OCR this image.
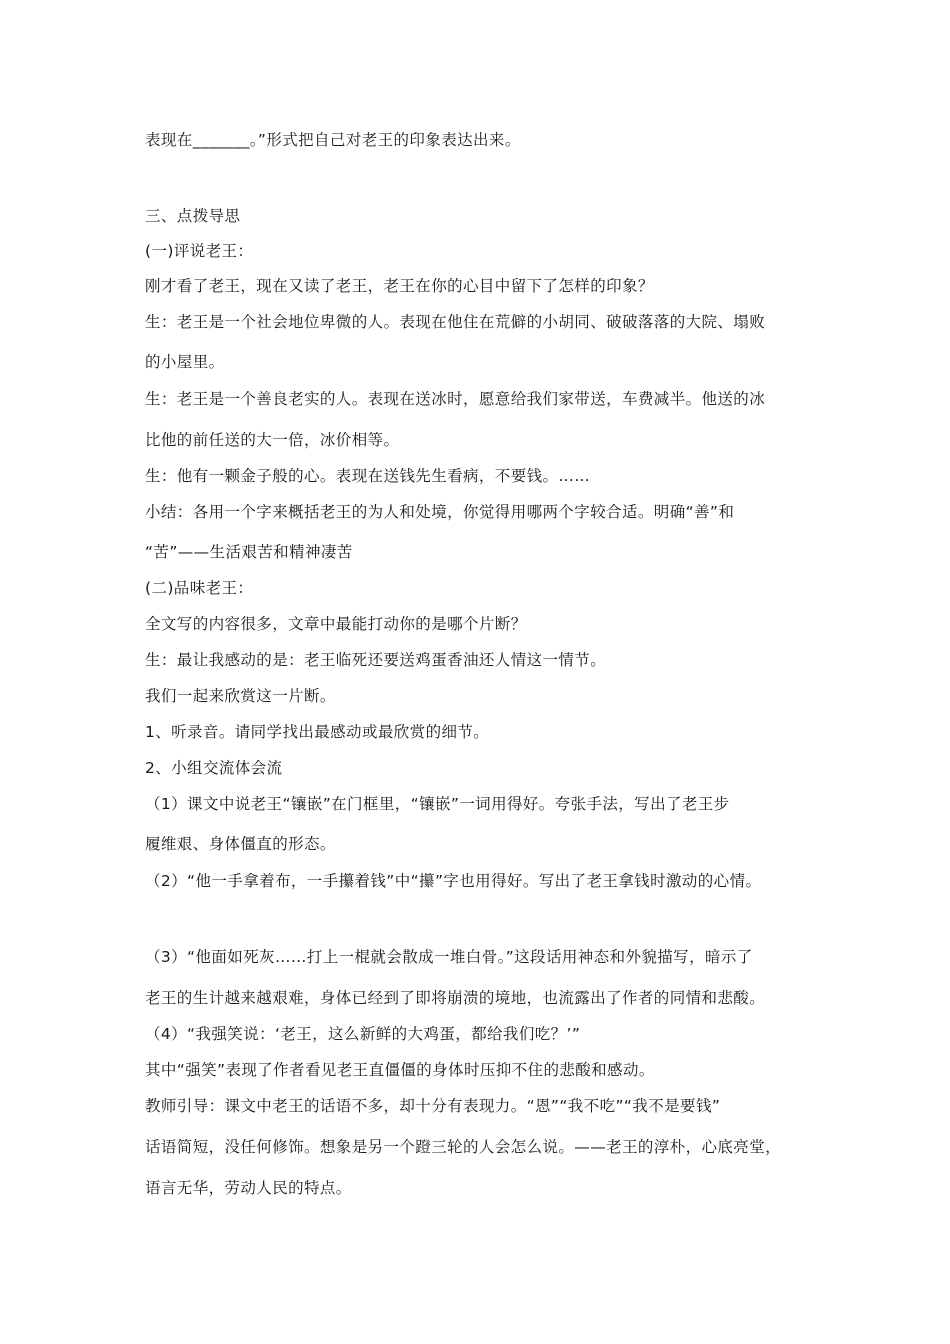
表现在_______。”形式把自己对老王的印象表达出来。
三、点拨导思
(一)评说老王：
刚才看了老王，现在又读了老王，老王在你的心目中留下了怎样的印象？
生：老王是一个社会地位卑微的人。表现在他住在荒僻的小胡同、破破落落的大院、塌败
的小屋里。
生：老王是一个善良老实的人。表现在送冰时，愿意给我们家带送，车费减半。他送的冰
比他的前任送的大一倍，冰价相等。
生：他有一颗金子般的心。表现在送钱先生看病，不要钱。……
小结：各用一个字来概括老王的为人和处境，你觉得用哪两个字较合适。明确“善”和
“苦”——生活艰苦和精神凄苦
(二)品味老王：
全文写的内容很多，文章中最能打动你的是哪个片断？
生：最让我感动的是：老王临死还要送鸡蛋香油还人情这一情节。
我们一起来欣赏这一片断。
1、听录音。请同学找出最感动或最欣赏的细节。
2、小组交流体会流
（1）课文中说老王“镶嵌”在门框里，“镶嵌”一词用得好。夸张手法，写出了老王步
履维艰、身体僵直的形态。
（2）“他一手拿着布，一手攥着钱”中“攥”字也用得好。写出了老王拿钱时激动的心情。
（3）“他面如死灰……打上一棍就会散成一堆白骨。”这段话用神态和外貌描写，暗示了
老王的生计越来越艰难，身体已经到了即将崩溃的境地，也流露出了作者的同情和悲酸。
（4）“我强笑说：‘老王，这么新鲜的大鸡蛋，都给我们吃？’”
其中“强笑”表现了作者看见老王直僵僵的身体时压抑不住的悲酸和感动。
教师引导：课文中老王的话语不多，却十分有表现力。“恩”“我不吃”“我不是要钱”
话语简短，没任何修饰。想象是另一个蹬三轮的人会怎么说。——老王的淳朴，心底亮堂，
语言无华，劳动人民的特点。
